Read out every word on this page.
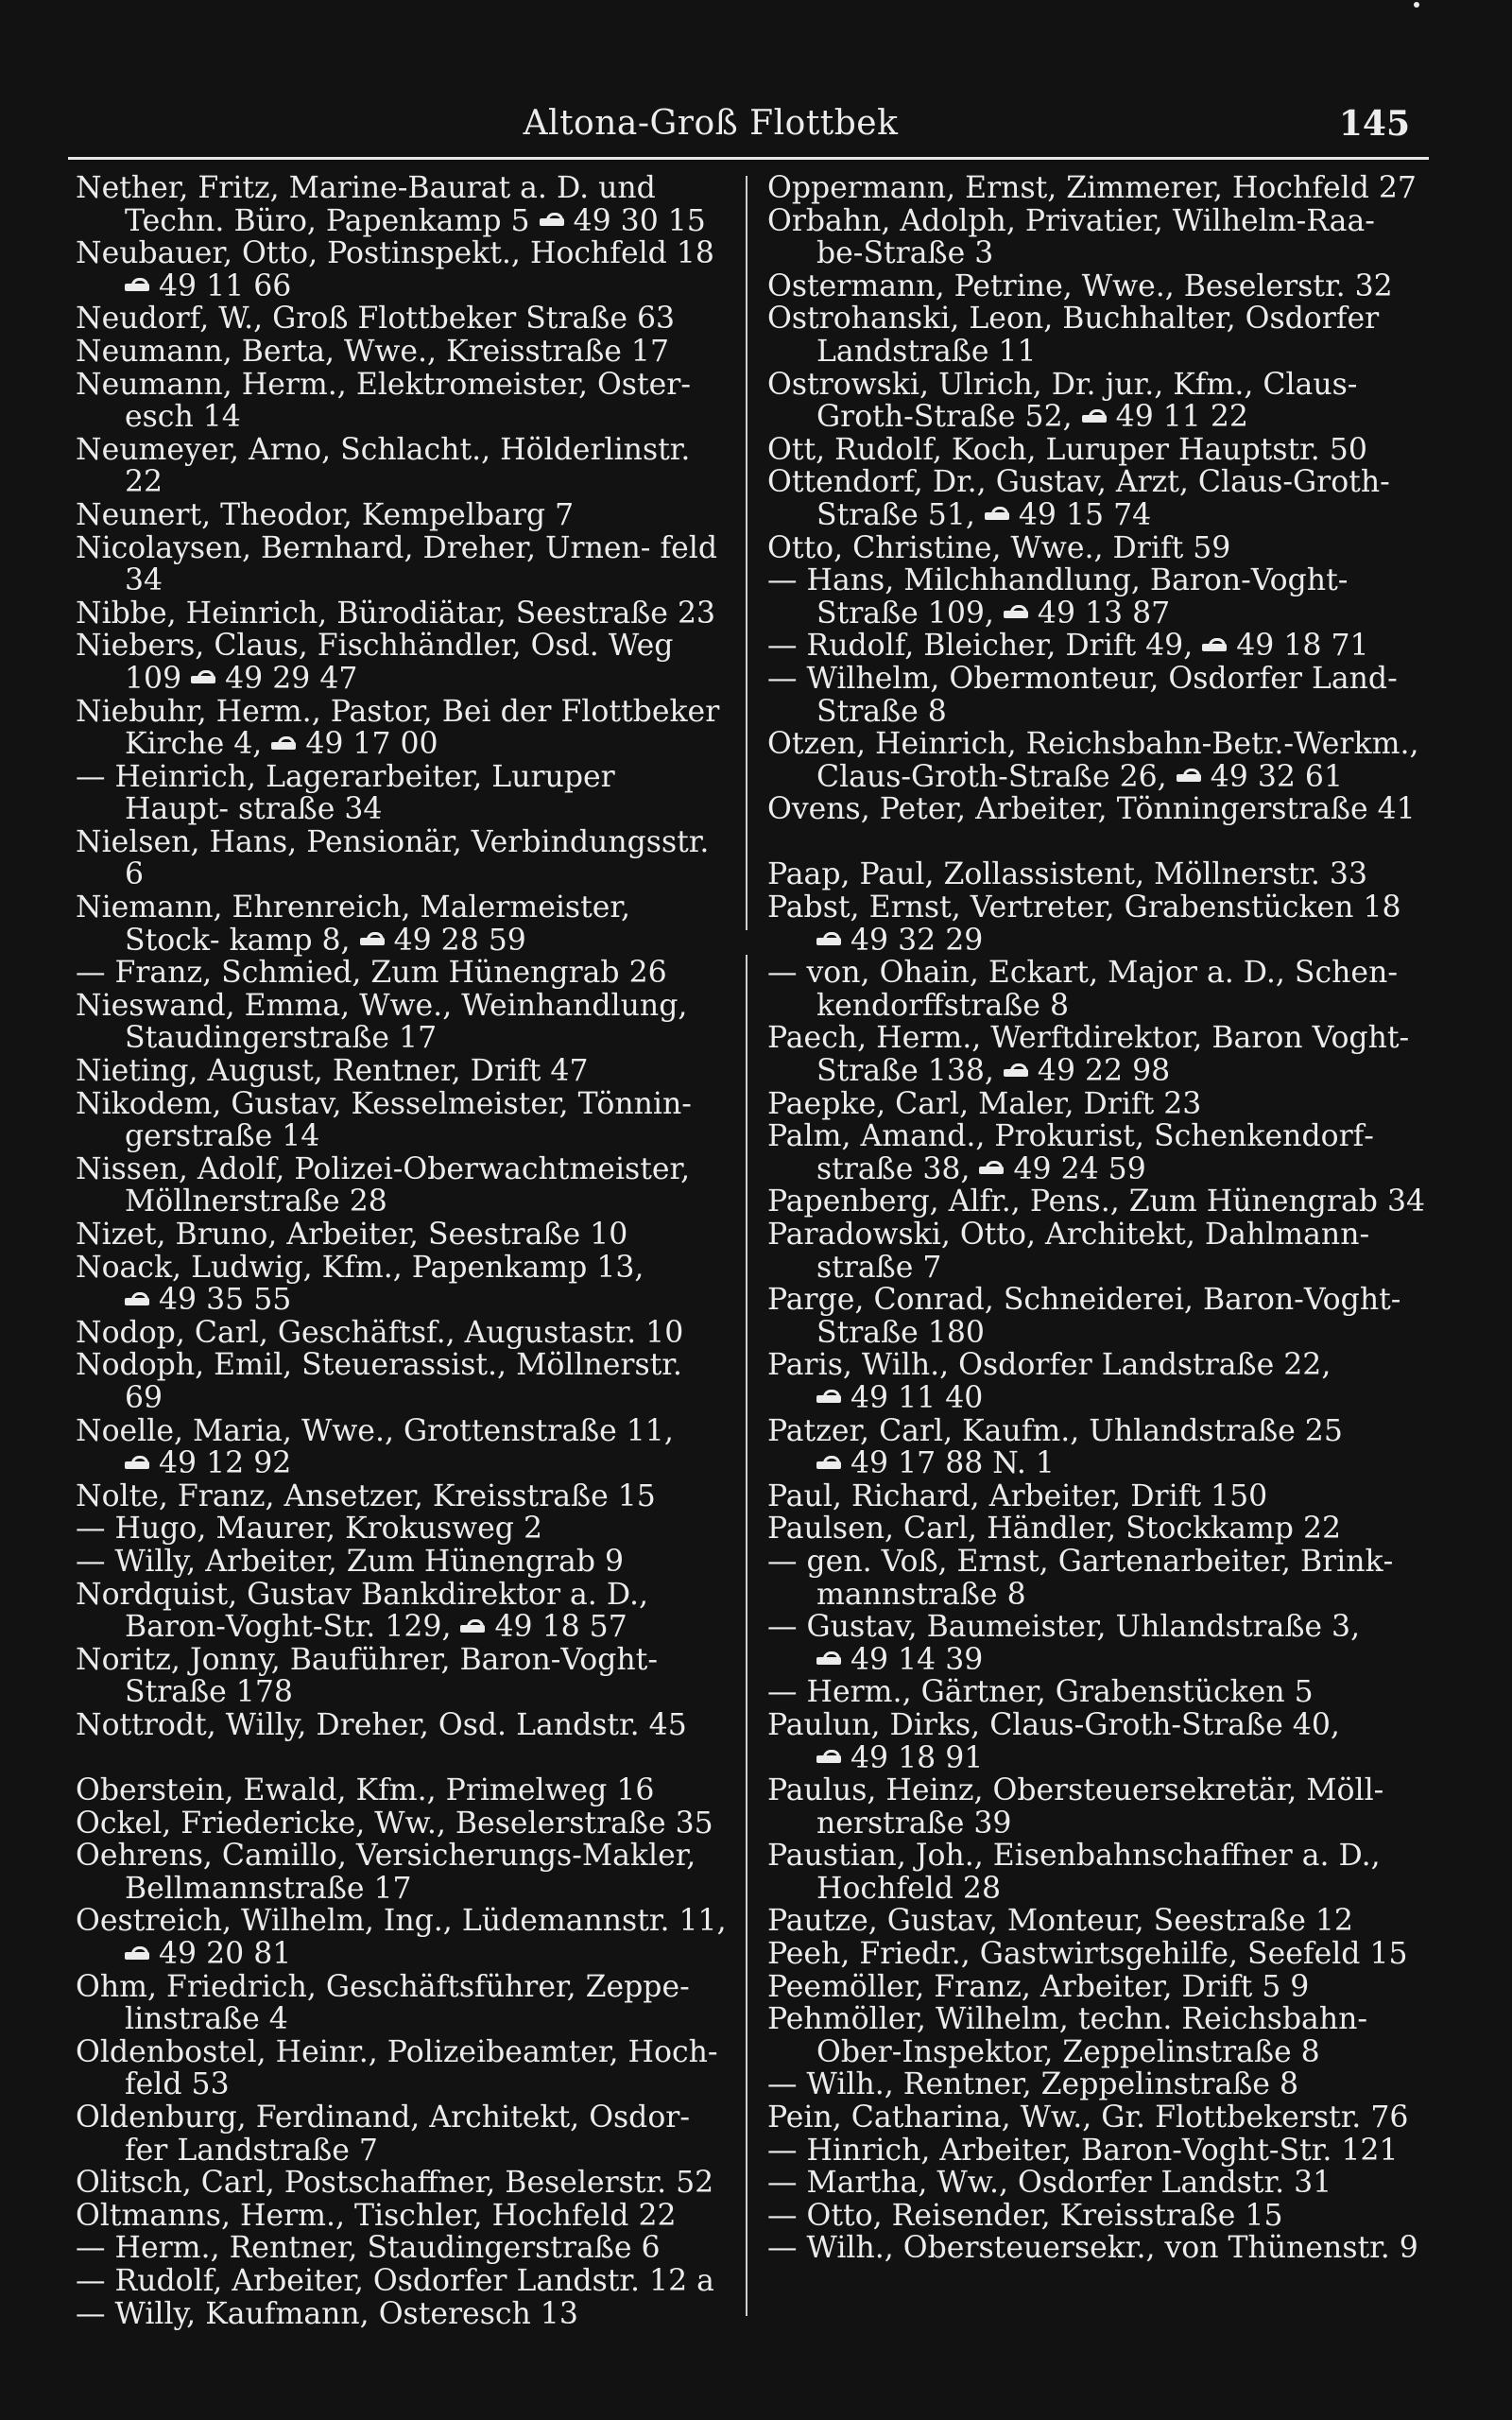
Altona‑Groß Flottbek	145
Nether, Fritz, Marine‑Baurat a. D. und Techn. Büro, Papenkamp 5 49 30 15
Neubauer, Otto, Postinspekt., Hochfeld 18 49 11 66
Neudorf, W., Groß Flottbeker Straße 63
Neumann, Berta, Wwe., Kreisstraße 17
Neumann, Herm., Elektromeister, Oster‑ esch 14
Neumeyer, Arno, Schlacht., Hölderlinstr. 22
Neunert, Theodor, Kempelbarg 7
Nicolaysen, Bernhard, Dreher, Urnen‑ feld 34
Nibbe, Heinrich, Bürodiätar, Seestraße 23
Niebers, Claus, Fischhändler, Osd. Weg 109 49 29 47
Niebuhr, Herm., Pastor, Bei der Flottbeker Kirche 4, 49 17 00
— Heinrich, Lagerarbeiter, Luruper Haupt‑ straße 34
Nielsen, Hans, Pensionär, Verbindungsstr. 6
Niemann, Ehrenreich, Malermeister, Stock‑ kamp 8, 49 28 59
— Franz, Schmied, Zum Hünengrab 26
Nieswand, Emma, Wwe., Weinhandlung, Staudingerstraße 17
Nieting, August, Rentner, Drift 47
Nikodem, Gustav, Kesselmeister, Tönnin‑ gerstraße 14
Nissen, Adolf, Polizei‑Oberwachtmeister, Möllnerstraße 28
Nizet, Bruno, Arbeiter, Seestraße 10
Noack, Ludwig, Kfm., Papenkamp 13, 49 35 55
Nodop, Carl, Geschäftsf., Augustastr. 10
Nodoph, Emil, Steuerassist., Möllnerstr. 69
Noelle, Maria, Wwe., Grottenstraße 11, 49 12 92
Nolte, Franz, Ansetzer, Kreisstraße 15
— Hugo, Maurer, Krokusweg 2
— Willy, Arbeiter, Zum Hünengrab 9
Nordquist, Gustav Bankdirektor a. D., Baron‑Voght‑Str. 129, 49 18 57
Noritz, Jonny, Bauführer, Baron‑Voght‑ Straße 178
Nottrodt, Willy, Dreher, Osd. Landstr. 45
Oberstein, Ewald, Kfm., Primelweg 16
Ockel, Friedericke, Ww., Beselerstraße 35
Oehrens, Camillo, Versicherungs‑Makler, Bellmannstraße 17
Oestreich, Wilhelm, Ing., Lüdemannstr. 11, 49 20 81
Ohm, Friedrich, Geschäftsführer, Zeppe‑ linstraße 4
Oldenbostel, Heinr., Polizeibeamter, Hoch‑ feld 53
Oldenburg, Ferdinand, Architekt, Osdor‑ fer Landstraße 7
Olitsch, Carl, Postschaffner, Beselerstr. 52
Oltmanns, Herm., Tischler, Hochfeld 22
— Herm., Rentner, Staudingerstraße 6
— Rudolf, Arbeiter, Osdorfer Landstr. 12 a
— Willy, Kaufmann, Osteresch 13
Oppermann, Ernst, Zimmerer, Hochfeld 27
Orbahn, Adolph, Privatier, Wilhelm‑Raa‑ be‑Straße 3
Ostermann, Petrine, Wwe., Beselerstr. 32
Ostrohanski, Leon, Buchhalter, Osdorfer Landstraße 11
Ostrowski, Ulrich, Dr. jur., Kfm., Claus‑ Groth‑Straße 52, 49 11 22
Ott, Rudolf, Koch, Luruper Hauptstr. 50
Ottendorf, Dr., Gustav, Arzt, Claus‑Groth‑ Straße 51, 49 15 74
Otto, Christine, Wwe., Drift 59
— Hans, Milchhandlung, Baron‑Voght‑ Straße 109, 49 13 87
— Rudolf, Bleicher, Drift 49, 49 18 71
— Wilhelm, Obermonteur, Osdorfer Land‑ Straße 8
Otzen, Heinrich, Reichsbahn‑Betr.‑Werkm., Claus‑Groth‑Straße 26, 49 32 61
Ovens, Peter, Arbeiter, Tönningerstraße 41
Paap, Paul, Zollassistent, Möllnerstr. 33
Pabst, Ernst, Vertreter, Grabenstücken 18 49 32 29
— von, Ohain, Eckart, Major a. D., Schen‑ kendorffstraße 8
Paech, Herm., Werftdirektor, Baron Voght‑ Straße 138, 49 22 98
Paepke, Carl, Maler, Drift 23
Palm, Amand., Prokurist, Schenkendorf‑ straße 38, 49 24 59
Papenberg, Alfr., Pens., Zum Hünengrab 34
Paradowski, Otto, Architekt, Dahlmann‑ straße 7
Parge, Conrad, Schneiderei, Baron‑Voght‑ Straße 180
Paris, Wilh., Osdorfer Landstraße 22, 49 11 40
Patzer, Carl, Kaufm., Uhlandstraße 25 49 17 88 N. 1
Paul, Richard, Arbeiter, Drift 150
Paulsen, Carl, Händler, Stockkamp 22
— gen. Voß, Ernst, Gartenarbeiter, Brink‑ mannstraße 8
— Gustav, Baumeister, Uhlandstraße 3, 49 14 39
— Herm., Gärtner, Grabenstücken 5
Paulun, Dirks, Claus‑Groth‑Straße 40, 49 18 91
Paulus, Heinz, Obersteuersekretär, Möll‑ nerstraße 39
Paustian, Joh., Eisenbahnschaffner a. D., Hochfeld 28
Pautze, Gustav, Monteur, Seestraße 12
Peeh, Friedr., Gastwirtsgehilfe, Seefeld 15
Peemöller, Franz, Arbeiter, Drift 5 9
Pehmöller, Wilhelm, techn. Reichsbahn‑ Ober‑Inspektor, Zeppelinstraße 8
— Wilh., Rentner, Zeppelinstraße 8
Pein, Catharina, Ww., Gr. Flottbekerstr. 76
— Hinrich, Arbeiter, Baron‑Voght‑Str. 121
— Martha, Ww., Osdorfer Landstr. 31
— Otto, Reisender, Kreisstraße 15
— Wilh., Obersteuersekr., von Thünenstr. 9
